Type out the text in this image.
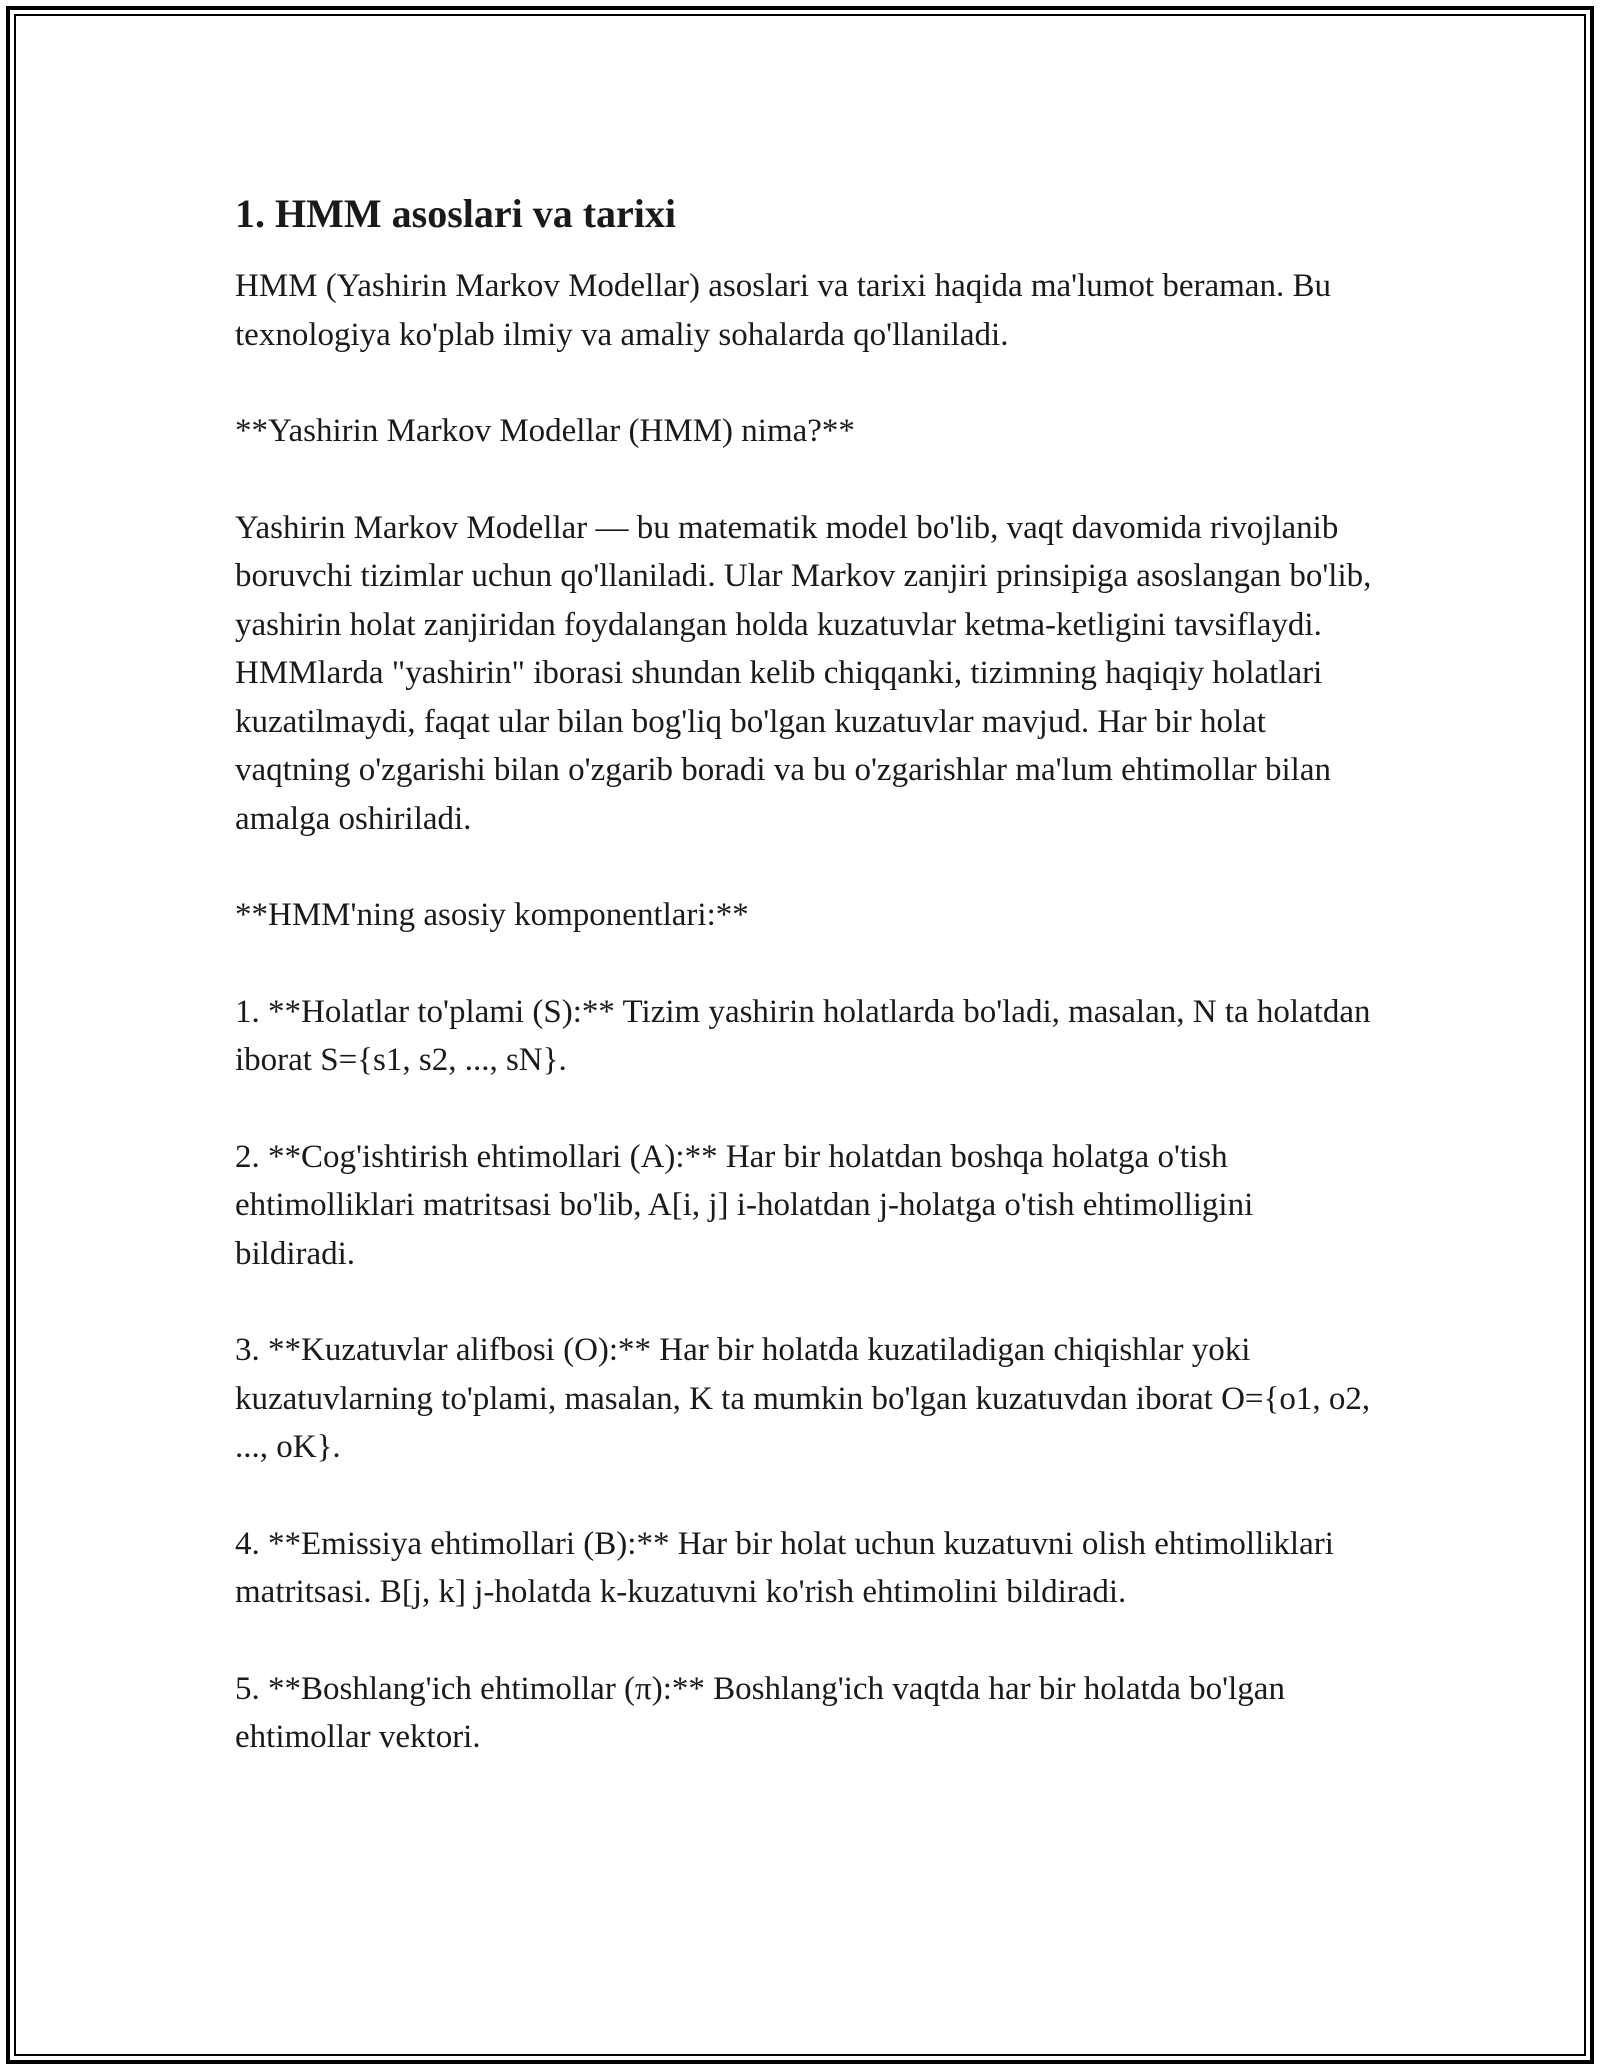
1. HMM asoslari va tarixi

HMM (Yashirin Markov Modellar) asoslari va tarixi haqida ma'lumot beraman. Bu texnologiya ko'plab ilmiy va amaliy sohalarda qo'llaniladi.

**Yashirin Markov Modellar (HMM) nima?**

Yashirin Markov Modellar — bu matematik model bo'lib, vaqt davomida rivojlanib boruvchi tizimlar uchun qo'llaniladi. Ular Markov zanjiri prinsipiga asoslangan bo'lib, yashirin holat zanjiridan foydalangan holda kuzatuvlar ketma-ketligini tavsiflaydi. HMMlarda "yashirin" iborasi shundan kelib chiqqanki, tizimning haqiqiy holatlari kuzatilmaydi, faqat ular bilan bog'liq bo'lgan kuzatuvlar mavjud. Har bir holat vaqtning o'zgarishi bilan o'zgarib boradi va bu o'zgarishlar ma'lum ehtimollar bilan amalga oshiriladi.

**HMM'ning asosiy komponentlari:**

1. **Holatlar to'plami (S):** Tizim yashirin holatlarda bo'ladi, masalan, N ta holatdan iborat S={s1, s2, ..., sN}.

2. **Cog'ishtirish ehtimollari (A):** Har bir holatdan boshqa holatga o'tish ehtimolliklari matritsasi bo'lib, A[i, j] i-holatdan j-holatga o'tish ehtimolligini bildiradi.

3. **Kuzatuvlar alifbosi (O):** Har bir holatda kuzatiladigan chiqishlar yoki kuzatuvlarning to'plami, masalan, K ta mumkin bo'lgan kuzatuvdan iborat O={o1, o2, ..., oK}.

4. **Emissiya ehtimollari (B):** Har bir holat uchun kuzatuvni olish ehtimolliklari matritsasi. B[j, k] j-holatda k-kuzatuvni ko'rish ehtimolini bildiradi.

5. **Boshlang'ich ehtimollar (π):** Boshlang'ich vaqtda har bir holatda bo'lgan ehtimollar vektori.
